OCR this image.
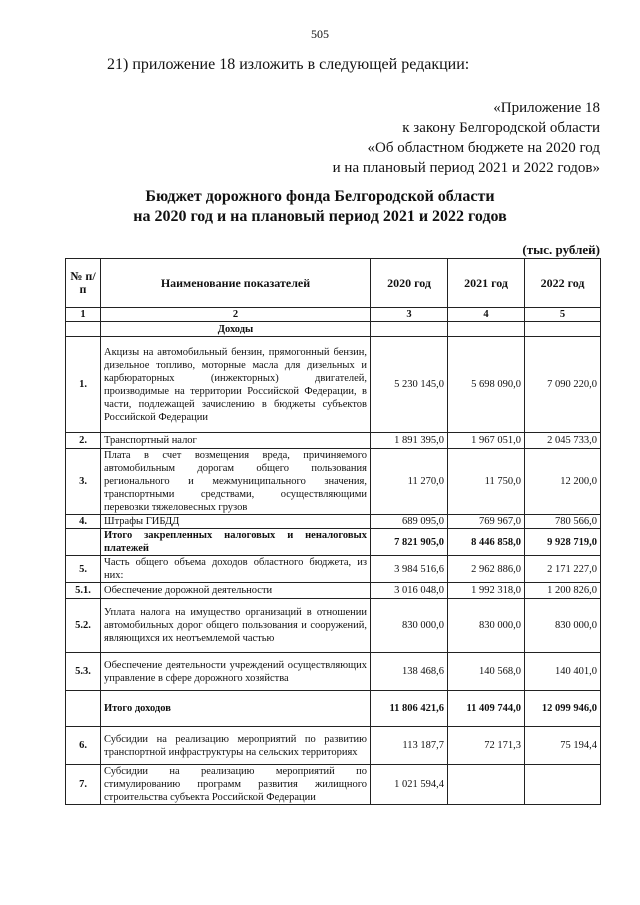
505
21) приложение 18 изложить в следующей редакции:
«Приложение 18
к закону Белгородской области
«Об областном бюджете на 2020 год
и на плановый период 2021 и 2022 годов»
Бюджет дорожного фонда Белгородской области
на 2020 год и на плановый период 2021 и 2022 годов
(тыс. рублей)
№ п/п	Наименование показателей	2020 год	2021 год	2022 год
1	2	3	4	5
	Доходы			
1.	Акцизы на автомобильный бензин, прямогонный бензин, дизельное топливо, моторные масла для дизельных и карбюраторных (инжекторных) двигателей, производимые на территории Российской Федерации, в части, подлежащей зачислению в бюджеты субъектов Российской Федерации	5 230 145,0	5 698 090,0	7 090 220,0
2.	Транспортный налог	1 891 395,0	1 967 051,0	2 045 733,0
3.	Плата в счет возмещения вреда, причиняемого автомобильным дорогам общего пользования регионального и межмуниципального значения, транспортными средствами, осуществляющими перевозки тяжеловесных грузов	11 270,0	11 750,0	12 200,0
4.	Штрафы ГИБДД	689 095,0	769 967,0	780 566,0
	Итого закрепленных налоговых и неналоговых платежей	7 821 905,0	8 446 858,0	9 928 719,0
5.	Часть общего объема доходов областного бюджета, из них:	3 984 516,6	2 962 886,0	2 171 227,0
5.1.	Обеспечение дорожной деятельности	3 016 048,0	1 992 318,0	1 200 826,0
5.2.	Уплата налога на имущество организаций в отношении автомобильных дорог общего пользования и сооружений, являющихся их неотъемлемой частью	830 000,0	830 000,0	830 000,0
5.3.	Обеспечение деятельности учреждений осуществляющих управление в сфере дорожного хозяйства	138 468,6	140 568,0	140 401,0
	Итого доходов	11 806 421,6	11 409 744,0	12 099 946,0
6.	Субсидии на реализацию мероприятий по развитию транспортной инфраструктуры на сельских территориях	113 187,7	72 171,3	75 194,4
7.	Субсидии на реализацию мероприятий по стимулированию программ развития жилищного строительства субъекта Российской Федерации	1 021 594,4		
